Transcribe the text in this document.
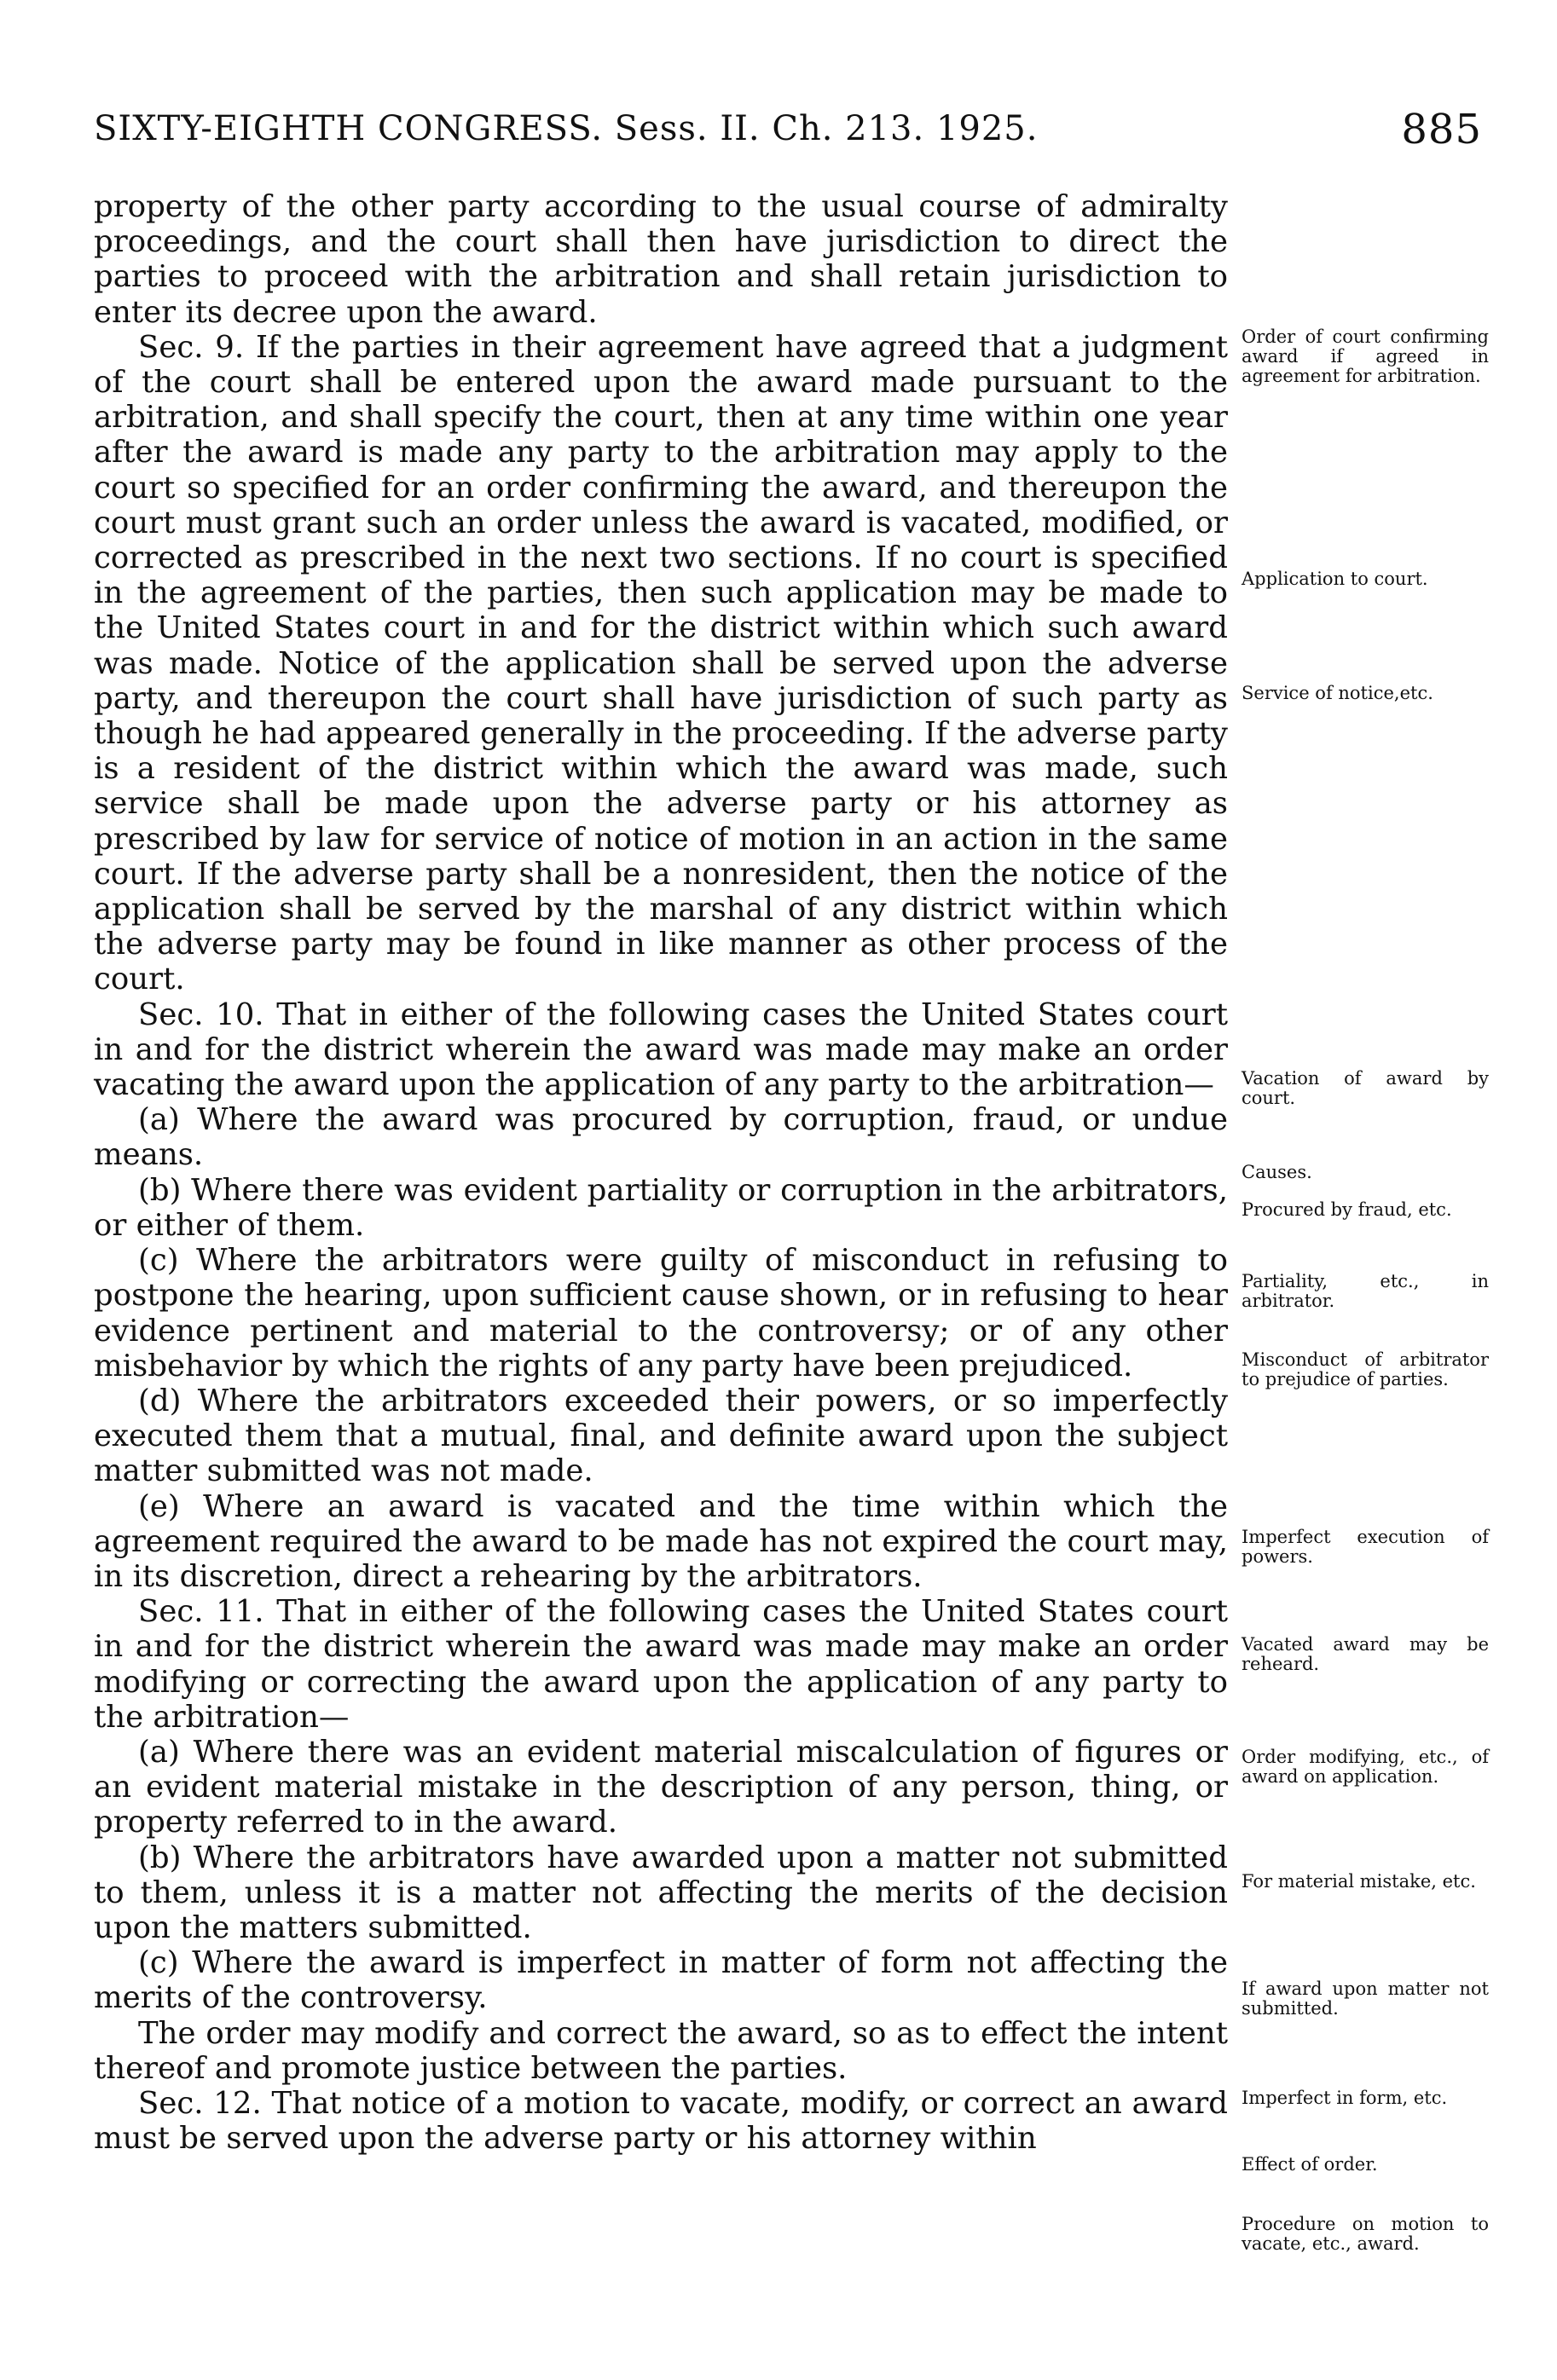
SIXTY-EIGHTH CONGRESS. Sess. II. Ch. 213. 1925.	885

property of the other party according to the usual course of admiralty proceedings, and the court shall then have jurisdiction to direct the parties to proceed with the arbitration and shall retain jurisdiction to enter its decree upon the award.

Sec. 9. If the parties in their agreement have agreed that a judgment of the court shall be entered upon the award made pursuant to the arbitration, and shall specify the court, then at any time within one year after the award is made any party to the arbitration may apply to the court so specified for an order confirming the award, and thereupon the court must grant such an order unless the award is vacated, modified, or corrected as prescribed in the next two sections. If no court is specified in the agreement of the parties, then such application may be made to the United States court in and for the district within which such award was made. Notice of the application shall be served upon the adverse party, and thereupon the court shall have jurisdiction of such party as though he had appeared generally in the proceeding. If the adverse party is a resident of the district within which the award was made, such service shall be made upon the adverse party or his attorney as prescribed by law for service of notice of motion in an action in the same court. If the adverse party shall be a nonresident, then the notice of the application shall be served by the marshal of any district within which the adverse party may be found in like manner as other process of the court.

Sec. 10. That in either of the following cases the United States court in and for the district wherein the award was made may make an order vacating the award upon the application of any party to the arbitration—

(a) Where the award was procured by corruption, fraud, or undue means.

(b) Where there was evident partiality or corruption in the arbitrators, or either of them.

(c) Where the arbitrators were guilty of misconduct in refusing to postpone the hearing, upon sufficient cause shown, or in refusing to hear evidence pertinent and material to the controversy; or of any other misbehavior by which the rights of any party have been prejudiced.

(d) Where the arbitrators exceeded their powers, or so imperfectly executed them that a mutual, final, and definite award upon the subject matter submitted was not made.

(e) Where an award is vacated and the time within which the agreement required the award to be made has not expired the court may, in its discretion, direct a rehearing by the arbitrators.

Sec. 11. That in either of the following cases the United States court in and for the district wherein the award was made may make an order modifying or correcting the award upon the application of any party to the arbitration—

(a) Where there was an evident material miscalculation of figures or an evident material mistake in the description of any person, thing, or property referred to in the award.

(b) Where the arbitrators have awarded upon a matter not submitted to them, unless it is a matter not affecting the merits of the decision upon the matters submitted.

(c) Where the award is imperfect in matter of form not affecting the merits of the controversy.

The order may modify and correct the award, so as to effect the intent thereof and promote justice between the parties.

Sec. 12. That notice of a motion to vacate, modify, or correct an award must be served upon the adverse party or his attorney within

Order of court confirming award if agreed in agreement for arbitration.
Application to court.
Service of notice,etc.
Vacation of award by court.
Causes.
Procured by fraud, etc.
Partiality, etc., in arbitrator.
Misconduct of arbitrator to prejudice of parties.
Imperfect execution of powers.
Vacated award may be reheard.
Order modifying, etc., of award on application.
For material mistake, etc.
If award upon matter not submitted.
Imperfect in form, etc.
Effect of order.
Procedure on motion to vacate, etc., award.
